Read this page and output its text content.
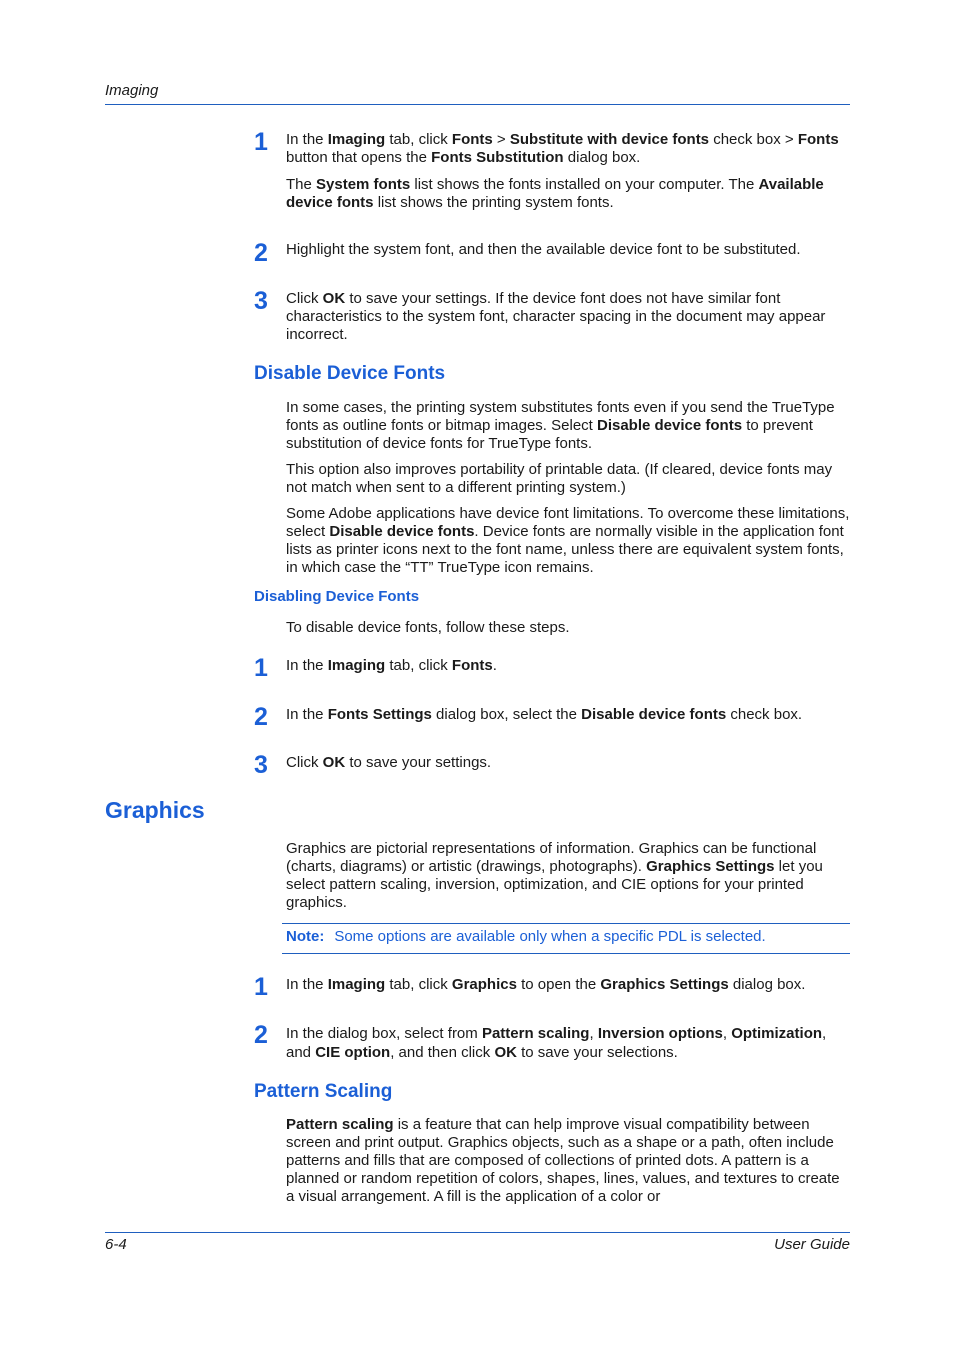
Imaging
1 In the Imaging tab, click Fonts > Substitute with device fonts check box > Fonts button that opens the Fonts Substitution dialog box.

The System fonts list shows the fonts installed on your computer. The Available device fonts list shows the printing system fonts.

2 Highlight the system font, and then the available device font to be substituted.

3 Click OK to save your settings. If the device font does not have similar font characteristics to the system font, character spacing in the document may appear incorrect.

Disable Device Fonts

In some cases, the printing system substitutes fonts even if you send the TrueType fonts as outline fonts or bitmap images. Select Disable device fonts to prevent substitution of device fonts for TrueType fonts.

This option also improves portability of printable data. (If cleared, device fonts may not match when sent to a different printing system.)

Some Adobe applications have device font limitations. To overcome these limitations, select Disable device fonts. Device fonts are normally visible in the application font lists as printer icons next to the font name, unless there are equivalent system fonts, in which case the “TT” TrueType icon remains.

Disabling Device Fonts

To disable device fonts, follow these steps.

1 In the Imaging tab, click Fonts.

2 In the Fonts Settings dialog box, select the Disable device fonts check box.

3 Click OK to save your settings.

Graphics

Graphics are pictorial representations of information. Graphics can be functional (charts, diagrams) or artistic (drawings, photographs). Graphics Settings let you select pattern scaling, inversion, optimization, and CIE options for your printed graphics.

Note: Some options are available only when a specific PDL is selected.
1 In the Imaging tab, click Graphics to open the Graphics Settings dialog box.

2 In the dialog box, select from Pattern scaling, Inversion options, Optimization, and CIE option, and then click OK to save your selections.

Pattern Scaling

Pattern scaling is a feature that can help improve visual compatibility between screen and print output. Graphics objects, such as a shape or a path, often include patterns and fills that are composed of collections of printed dots. A pattern is a planned or random repetition of colors, shapes, lines, values, and textures to create a visual arrangement. A fill is the application of a color or

6-4	User Guide
